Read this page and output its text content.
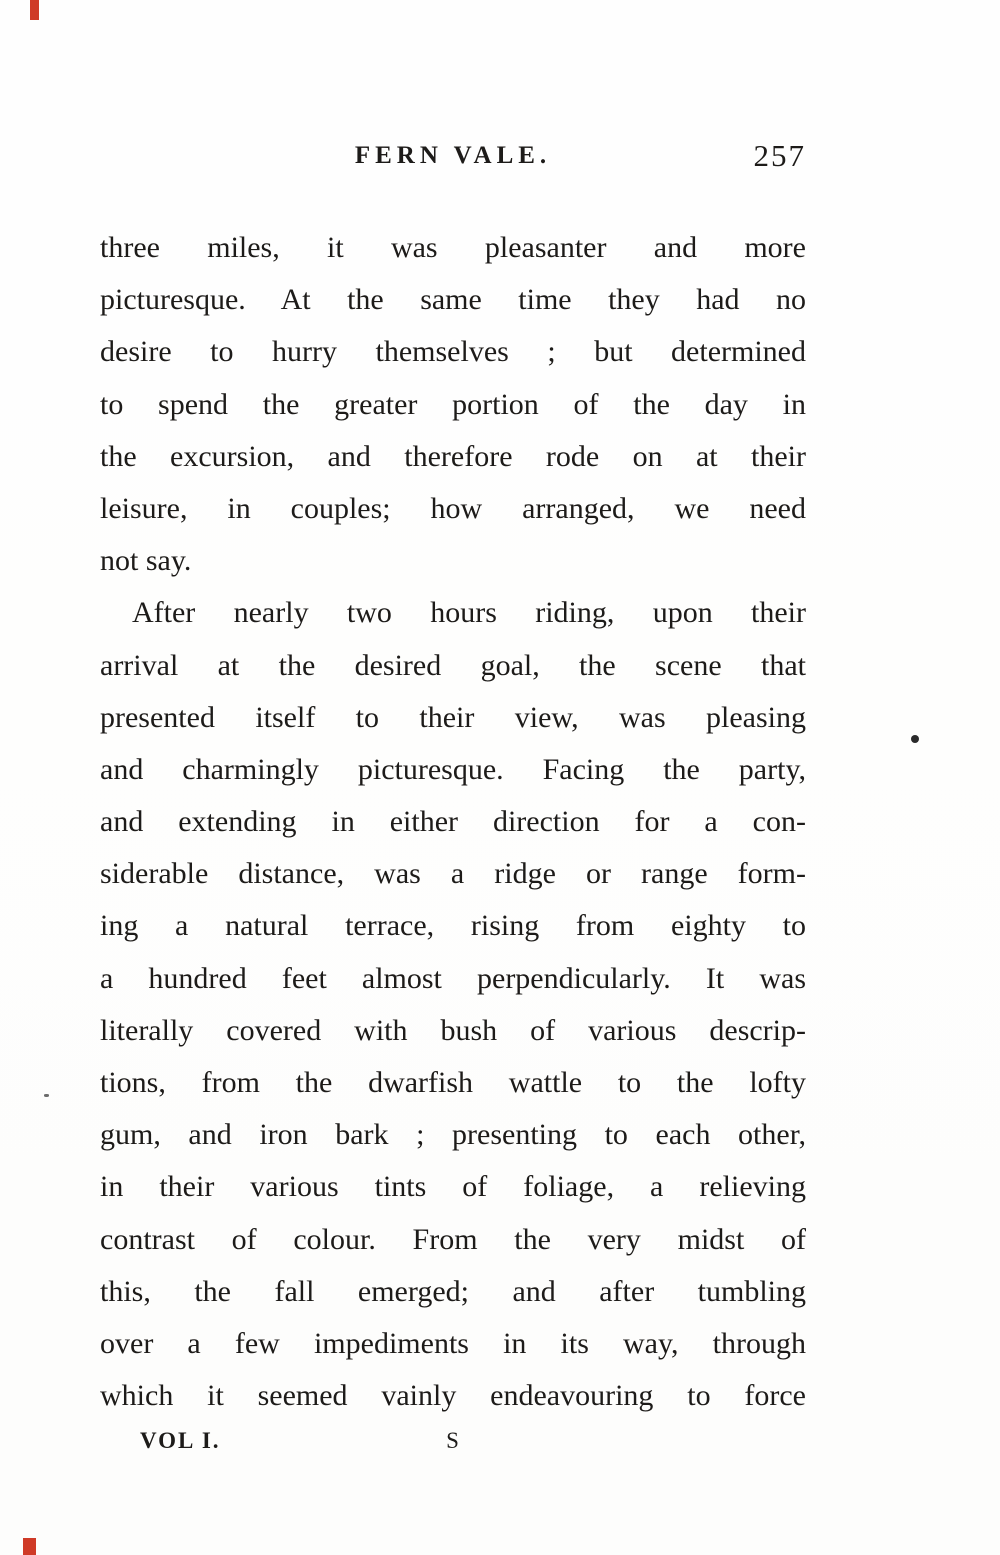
FERN VALE.	257
three miles, it was pleasanter and more
picturesque. At the same time they had no
desire to hurry themselves ; but determined
to spend the greater portion of the day in
the excursion, and therefore rode on at their
leisure, in couples; how arranged, we need
not say.
After nearly two hours riding, upon their
arrival at the desired goal, the scene that
presented itself to their view, was pleasing
and charmingly picturesque. Facing the party,
and extending in either direction for a con-
siderable distance, was a ridge or range form-
ing a natural terrace, rising from eighty to
a hundred feet almost perpendicularly. It was
literally covered with bush of various descrip-
tions, from the dwarfish wattle to the lofty
gum, and iron bark ; presenting to each other,
in their various tints of foliage, a relieving
contrast of colour. From the very midst of
this, the fall emerged; and after tumbling
over a few impediments in its way, through
which it seemed vainly endeavouring to force
VOL I.	S
